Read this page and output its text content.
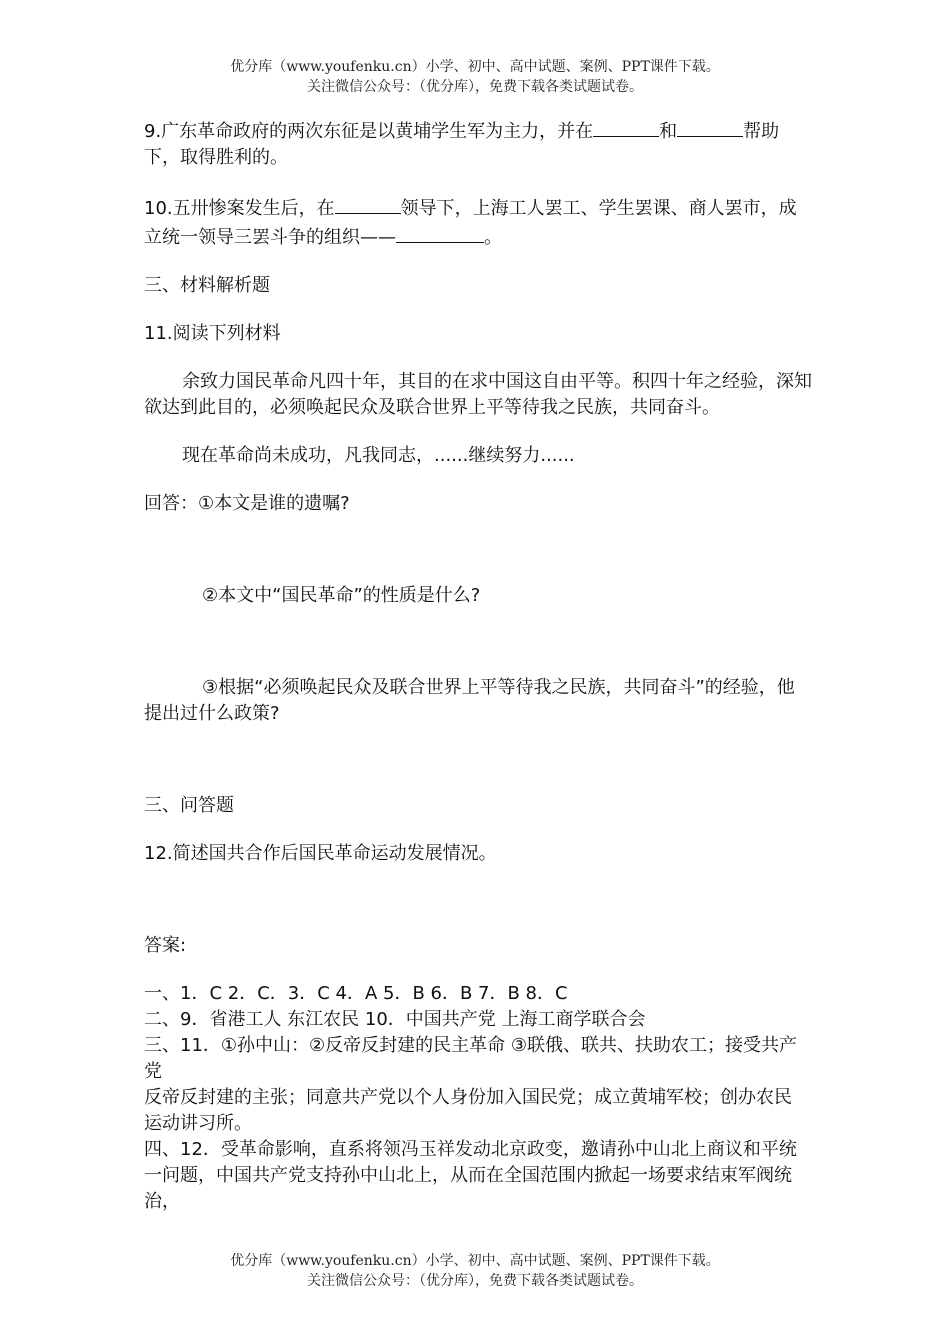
优分库（www.youfenku.cn）小学、初中、高中试题、案例、PPT课件下载。
关注微信公众号：（优分库），免费下载各类试题试卷。

9.广东革命政府的两次东征是以黄埔学生军为主力，并在	和	帮助下，取得胜利的。

10.五卅惨案发生后，在	领导下，上海工人罢工、学生罢课、商人罢市，成立统一领导三罢斗争的组织——	。

三、材料解析题

11.阅读下列材料

余致力国民革命凡四十年，其目的在求中国这自由平等。积四十年之经验，深知欲达到此目的，必须唤起民众及联合世界上平等待我之民族，共同奋斗。

现在革命尚未成功，凡我同志，......继续努力......

回答：①本文是谁的遗嘱?

②本文中“国民革命”的性质是什么?

③根据“必须唤起民众及联合世界上平等待我之民族，共同奋斗”的经验，他提出过什么政策?

三、问答题

12.简述国共合作后国民革命运动发展情况。

答案:

一、1．C 2．C．3．C 4．A 5．B 6．B 7．B 8．C

二、9．省港工人 东江农民 10．中国共产党 上海工商学联合会

三、11．①孙中山：②反帝反封建的民主革命 ③联俄、联共、扶助农工；接受共产党

反帝反封建的主张；同意共产党以个人身份加入国民党；成立黄埔军校；创办农民

运动讲习所。

四、12．受革命影响，直系将领冯玉祥发动北京政变，邀请孙中山北上商议和平统一问题，中国共产党支持孙中山北上，从而在全国范围内掀起一场要求结束军阀统治，

优分库（www.youfenku.cn）小学、初中、高中试题、案例、PPT课件下载。
关注微信公众号：（优分库），免费下载各类试题试卷。
